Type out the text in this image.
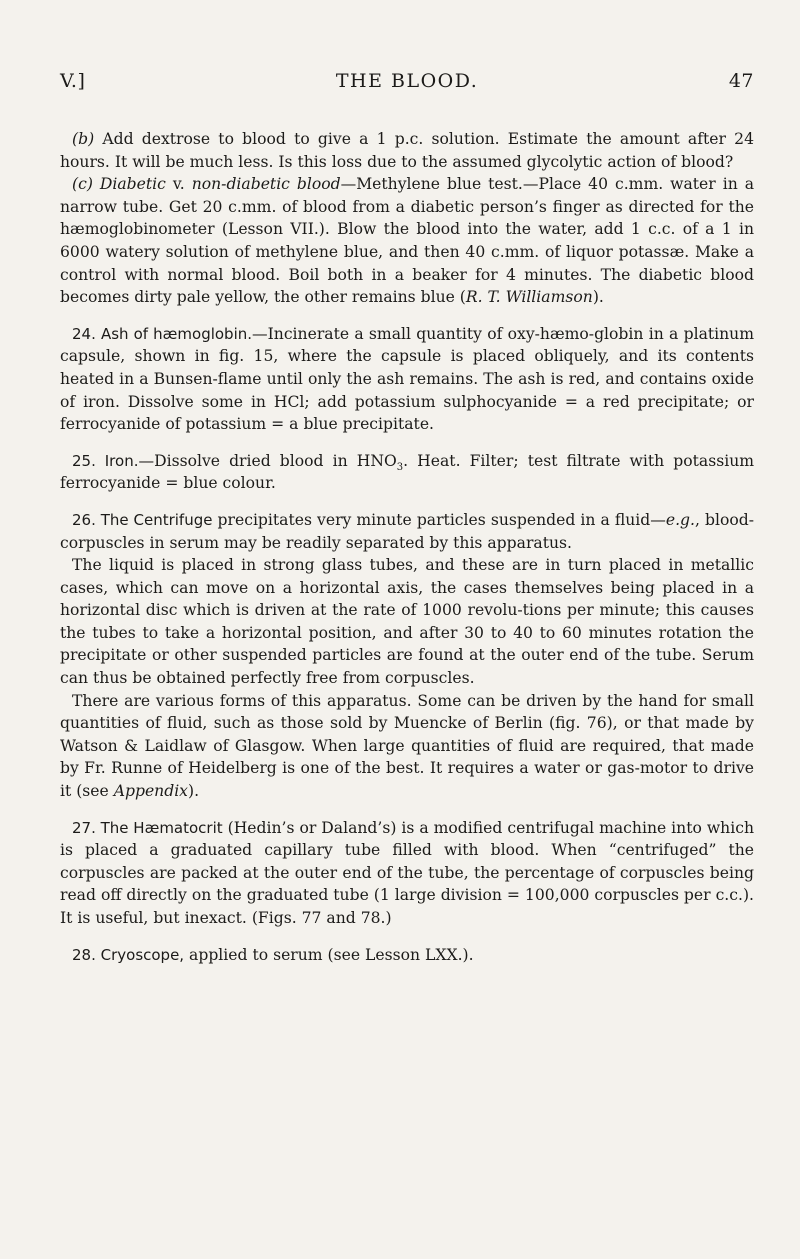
V.]	THE BLOOD.	47

(b) Add dextrose to blood to give a 1 p.c. solution. Estimate the amount after 24 hours. It will be much less. Is this loss due to the assumed glycolytic action of blood?

(c) Diabetic v. non-diabetic blood—Methylene blue test.—Place 40 c.mm. water in a narrow tube. Get 20 c.mm. of blood from a diabetic person’s finger as directed for the hæmoglobinometer (Lesson VII.). Blow the blood into the water, add 1 c.c. of a 1 in 6000 watery solution of methylene blue, and then 40 c.mm. of liquor potassæ. Make a control with normal blood. Boil both in a beaker for 4 minutes. The diabetic blood becomes dirty pale yellow, the other remains blue (R. T. Williamson).

24. Ash of hæmoglobin.—Incinerate a small quantity of oxy-hæmo-globin in a platinum capsule, shown in fig. 15, where the capsule is placed obliquely, and its contents heated in a Bunsen-flame until only the ash remains. The ash is red, and contains oxide of iron. Dissolve some in HCl; add potassium sulphocyanide = a red precipitate; or ferrocyanide of potassium = a blue precipitate.

25. Iron.—Dissolve dried blood in $HNO_3$. Heat. Filter; test filtrate with potassium ferrocyanide = blue colour.

26. The Centrifuge precipitates very minute particles suspended in a fluid—e.g., blood-corpuscles in serum may be readily separated by this apparatus.

The liquid is placed in strong glass tubes, and these are in turn placed in metallic cases, which can move on a horizontal axis, the cases themselves being placed in a horizontal disc which is driven at the rate of 1000 revolu-tions per minute; this causes the tubes to take a horizontal position, and after 30 to 40 to 60 minutes rotation the precipitate or other suspended particles are found at the outer end of the tube. Serum can thus be obtained perfectly free from corpuscles.

There are various forms of this apparatus. Some can be driven by the hand for small quantities of fluid, such as those sold by Muencke of Berlin (fig. 76), or that made by Watson & Laidlaw of Glasgow. When large quantities of fluid are required, that made by Fr. Runne of Heidelberg is one of the best. It requires a water or gas-motor to drive it (see Appendix).

27. The Hæmatocrit (Hedin’s or Daland’s) is a modified centrifugal machine into which is placed a graduated capillary tube filled with blood. When “centrifuged” the corpuscles are packed at the outer end of the tube, the percentage of corpuscles being read off directly on the graduated tube (1 large division = 100,000 corpuscles per c.c.). It is useful, but inexact. (Figs. 77 and 78.)

28. Cryoscope, applied to serum (see Lesson LXX.).
